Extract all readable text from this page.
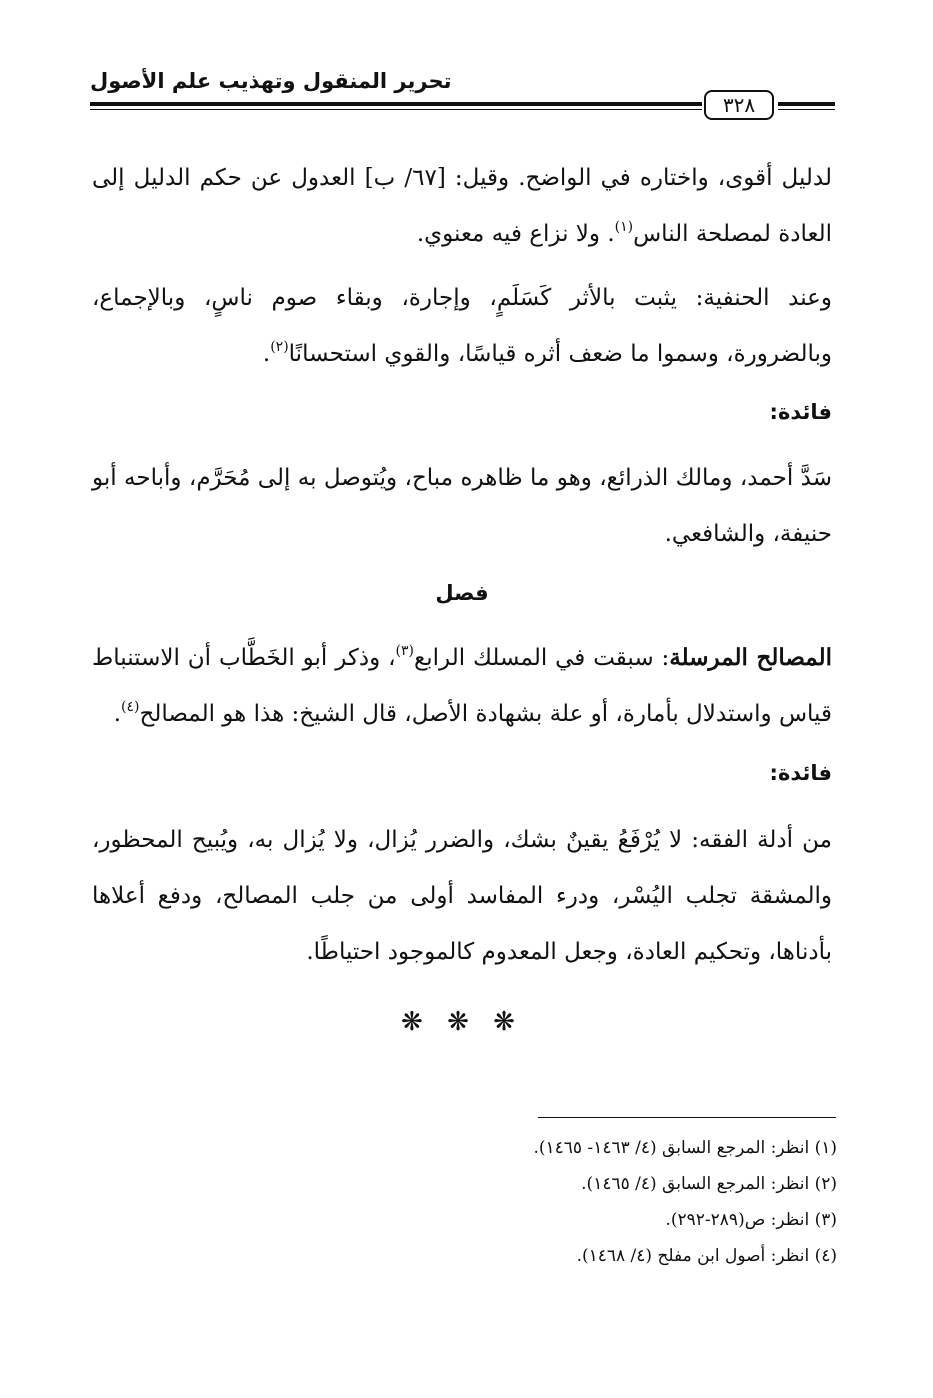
تحرير المنقول وتهذيب علم الأصول
٣٢٨
لدليل أقوى، واختاره في الواضح. وقيل: [٦٧/ ب] العدول عن حكم الدليل إلى العادة لمصلحة الناس$^{(١)}$. ولا نزاع فيه معنوي.
وعند الحنفية: يثبت بالأثر كَسَلَمٍ، وإجارة، وبقاء صوم ناسٍ، وبالإجماع، وبالضرورة، وسموا ما ضعف أثره قياسًا، والقوي استحسانًا$^{(٢)}$.
فائدة:
سَدَّ أحمد، ومالك الذرائع، وهو ما ظاهره مباح، ويُتوصل به إلى مُحَرَّم، وأباحه أبو حنيفة، والشافعي.
فصل
المصالح المرسلة: سبقت في المسلك الرابع$^{(٣)}$، وذكر أبو الخَطَّاب أن الاستنباط قياس واستدلال بأمارة، أو علة بشهادة الأصل، قال الشيخ: هذا هو المصالح$^{(٤)}$.
فائدة:
من أدلة الفقه: لا يُرْفَعُ يقينٌ بشك، والضرر يُزال، ولا يُزال به، ويُبيح المحظور، والمشقة تجلب اليُسْر، ودرء المفاسد أولى من جلب المصالح، ودفع أعلاها بأدناها، وتحكيم العادة، وجعل المعدوم كالموجود احتياطًا.
❋ ❋ ❋
(١) انظر: المرجع السابق (٤/ ١٤٦٣- ١٤٦٥).
(٢) انظر: المرجع السابق (٤/ ١٤٦٥).
(٣) انظر: ص(٢٨٩-٢٩٢).
(٤) انظر: أصول ابن مفلح (٤/ ١٤٦٨).
